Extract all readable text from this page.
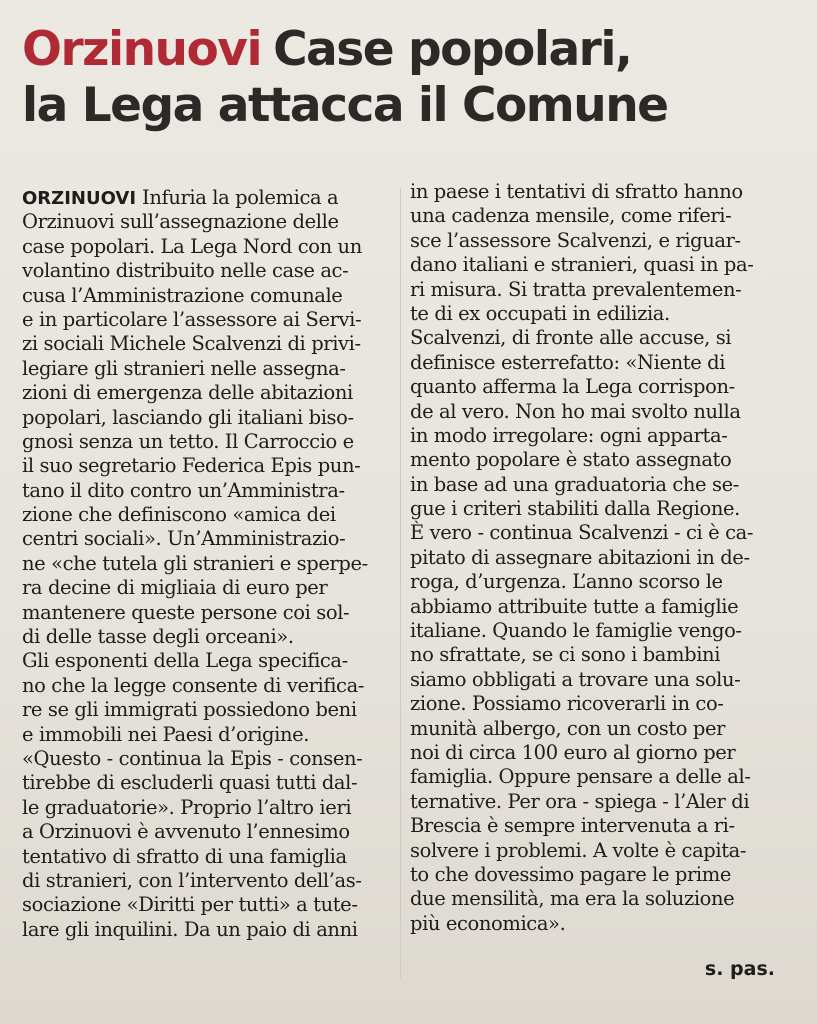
Orzinuovi Case popolari,
la Lega attacca il Comune
ORZINUOVI Infuria la polemica a
Orzinuovi sull’assegnazione delle
case popolari. La Lega Nord con un
volantino distribuito nelle case ac-
cusa l’Amministrazione comunale
e in particolare l’assessore ai Servi-
zi sociali Michele Scalvenzi di privi-
legiare gli stranieri nelle assegna-
zioni di emergenza delle abitazioni
popolari, lasciando gli italiani biso-
gnosi senza un tetto. Il Carroccio e
il suo segretario Federica Epis pun-
tano il dito contro un’Amministra-
zione che definiscono «amica dei
centri sociali». Un’Amministrazio-
ne «che tutela gli stranieri e sperpe-
ra decine di migliaia di euro per
mantenere queste persone coi sol-
di delle tasse degli orceani».
Gli esponenti della Lega specifica-
no che la legge consente di verifica-
re se gli immigrati possiedono beni
e immobili nei Paesi d’origine.
«Questo - continua la Epis - consen-
tirebbe di escluderli quasi tutti dal-
le graduatorie». Proprio l’altro ieri
a Orzinuovi è avvenuto l’ennesimo
tentativo di sfratto di una famiglia
di stranieri, con l’intervento dell’as-
sociazione «Diritti per tutti» a tute-
lare gli inquilini. Da un paio di anni
in paese i tentativi di sfratto hanno
una cadenza mensile, come riferi-
sce l’assessore Scalvenzi, e riguar-
dano italiani e stranieri, quasi in pa-
ri misura. Si tratta prevalentemen-
te di ex occupati in edilizia.
Scalvenzi, di fronte alle accuse, si
definisce esterrefatto: «Niente di
quanto afferma la Lega corrispon-
de al vero. Non ho mai svolto nulla
in modo irregolare: ogni apparta-
mento popolare è stato assegnato
in base ad una graduatoria che se-
gue i criteri stabiliti dalla Regione.
È vero - continua Scalvenzi - ci è ca-
pitato di assegnare abitazioni in de-
roga, d’urgenza. L’anno scorso le
abbiamo attribuite tutte a famiglie
italiane. Quando le famiglie vengo-
no sfrattate, se ci sono i bambini
siamo obbligati a trovare una solu-
zione. Possiamo ricoverarli in co-
munità albergo, con un costo per
noi di circa 100 euro al giorno per
famiglia. Oppure pensare a delle al-
ternative. Per ora - spiega - l’Aler di
Brescia è sempre intervenuta a ri-
solvere i problemi. A volte è capita-
to che dovessimo pagare le prime
due mensilità, ma era la soluzione
più economica».
s. pas.
